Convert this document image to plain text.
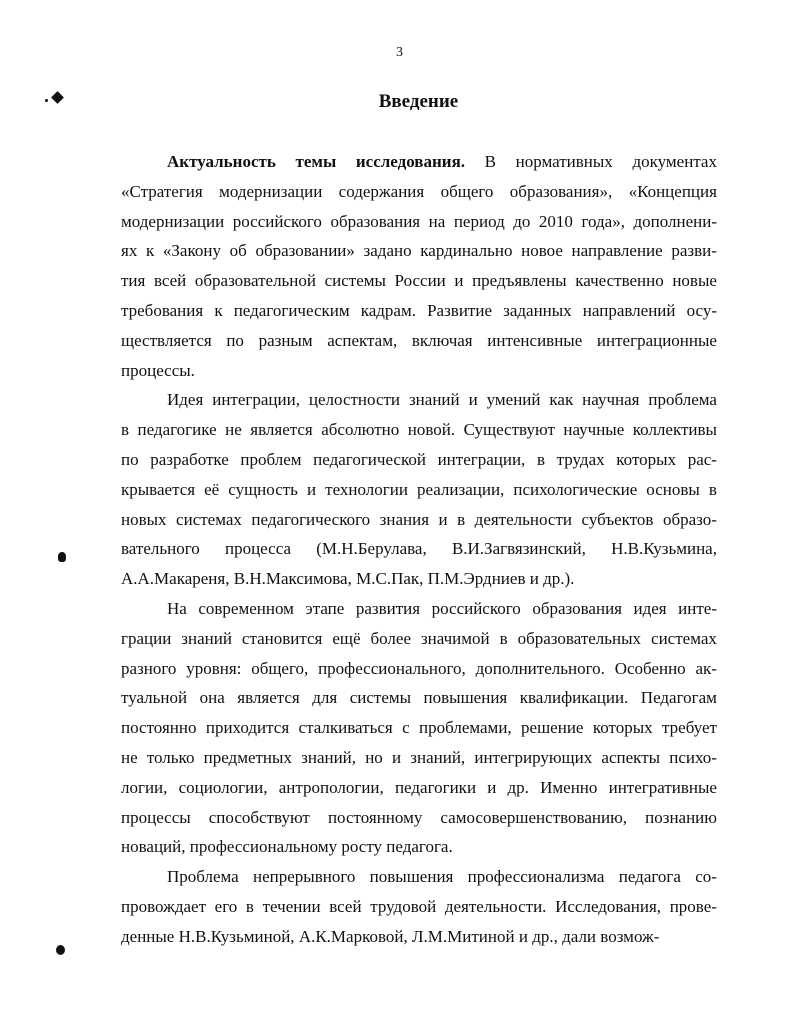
3
Введение
Актуальность темы исследования. В нормативных документах
«Стратегия модернизации содержания общего образования», «Концепция
модернизации российского образования на период до 2010 года», дополнени-
ях к «Закону об образовании» задано кардинально новое направление разви-
тия всей образовательной системы России и предъявлены качественно новые
требования к педагогическим кадрам. Развитие заданных направлений осу-
ществляется по разным аспектам, включая интенсивные интеграционные
процессы.
Идея интеграции, целостности знаний и умений как научная проблема
в педагогике не является абсолютно новой. Существуют научные коллективы
по разработке проблем педагогической интеграции, в трудах которых рас-
крывается её сущность и технологии реализации, психологические основы в
новых системах педагогического знания и в деятельности субъектов образо-
вательного процесса (М.Н.Берулава, В.И.Загвязинский, Н.В.Кузьмина,
А.А.Макареня, В.Н.Максимова, М.С.Пак, П.М.Эрдниев и др.).
На современном этапе развития российского образования идея инте-
грации знаний становится ещё более значимой в образовательных системах
разного уровня: общего, профессионального, дополнительного. Особенно ак-
туальной она является для системы повышения квалификации. Педагогам
постоянно приходится сталкиваться с проблемами, решение которых требует
не только предметных знаний, но и знаний, интегрирующих аспекты психо-
логии, социологии, антропологии, педагогики и др. Именно интегративные
процессы способствуют постоянному самосовершенствованию, познанию
новаций, профессиональному росту педагога.
Проблема непрерывного повышения профессионализма педагога со-
провождает его в течении всей трудовой деятельности. Исследования, прове-
денные Н.В.Кузьминой, А.К.Марковой, Л.М.Митиной и др., дали возмож-
